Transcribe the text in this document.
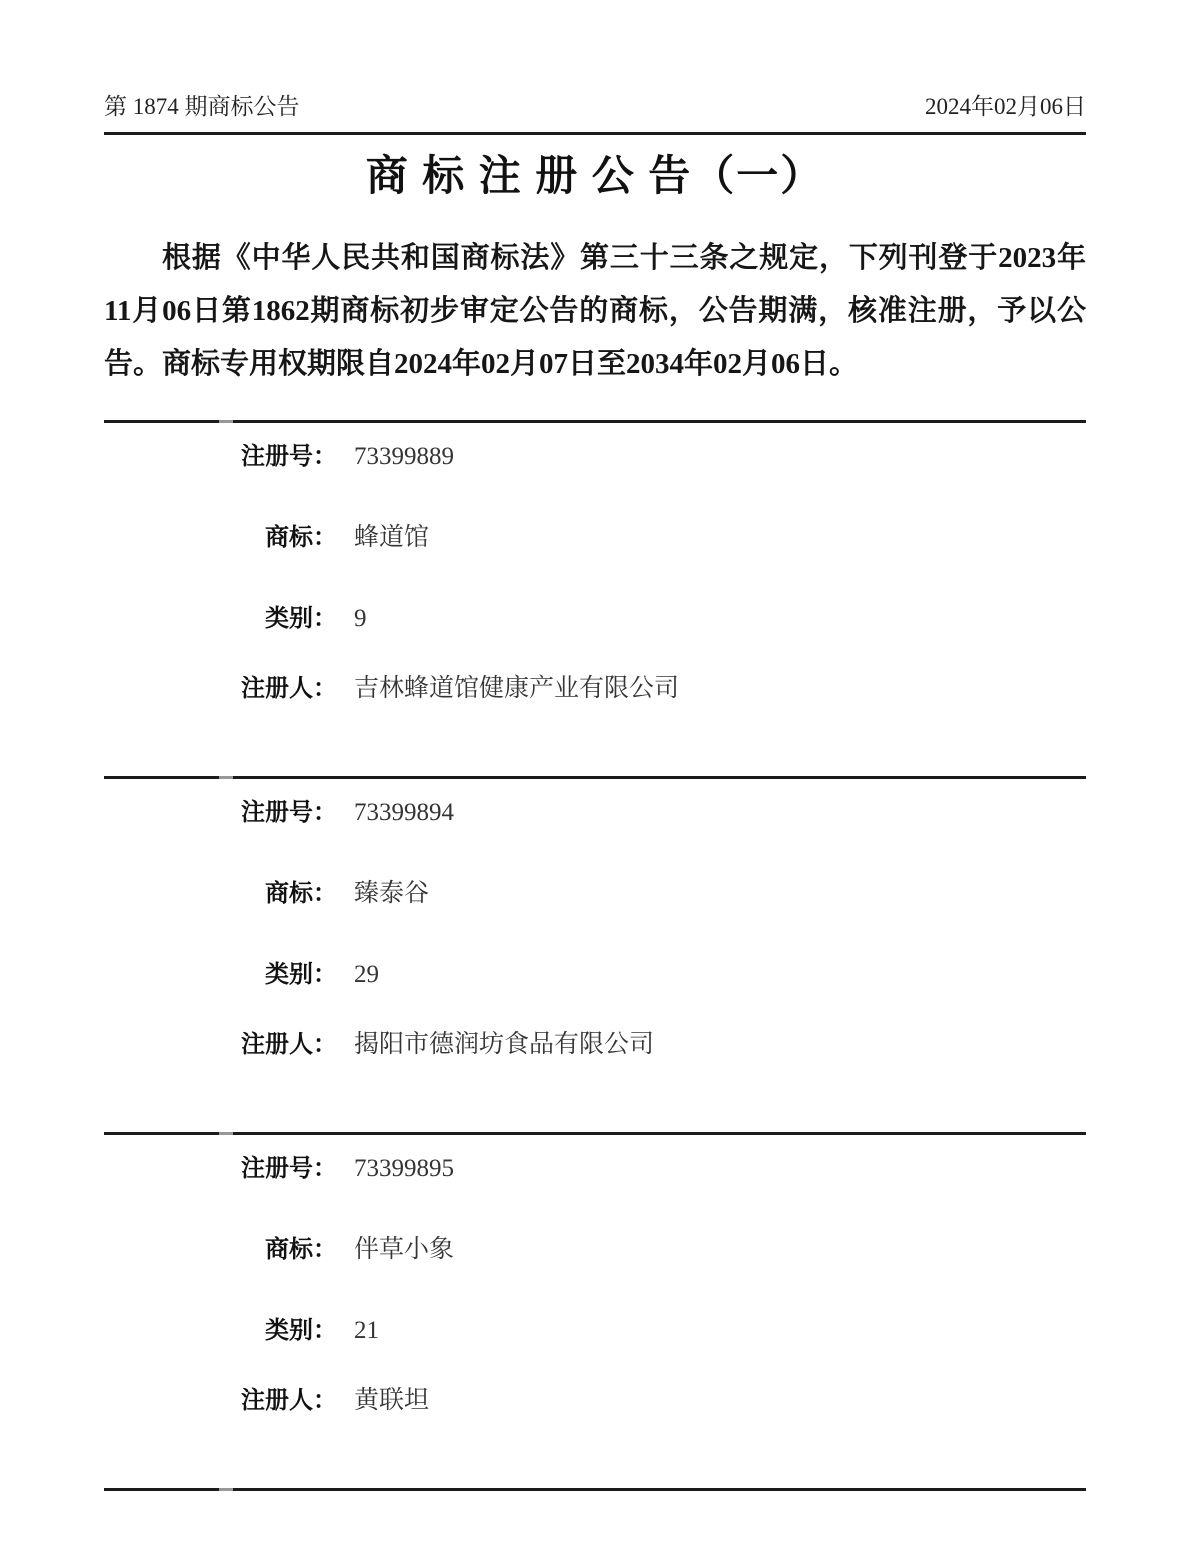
第 1874 期商标公告	2024年02月06日
商 标 注 册 公 告（一）

根据《中华人民共和国商标法》第三十三条之规定，下列刊登于2023年11月06日第1862期商标初步审定公告的商标，公告期满，核准注册，予以公告。商标专用权期限自2024年02月07日至2034年02月06日。

注册号： 73399889
商标： 蜂道馆
类别： 9
注册人： 吉林蜂道馆健康产业有限公司
注册号： 73399894
商标： 臻泰谷
类别： 29
注册人： 揭阳市德润坊食品有限公司
注册号： 73399895
商标： 伴草小象
类别： 21
注册人： 黄联坦
